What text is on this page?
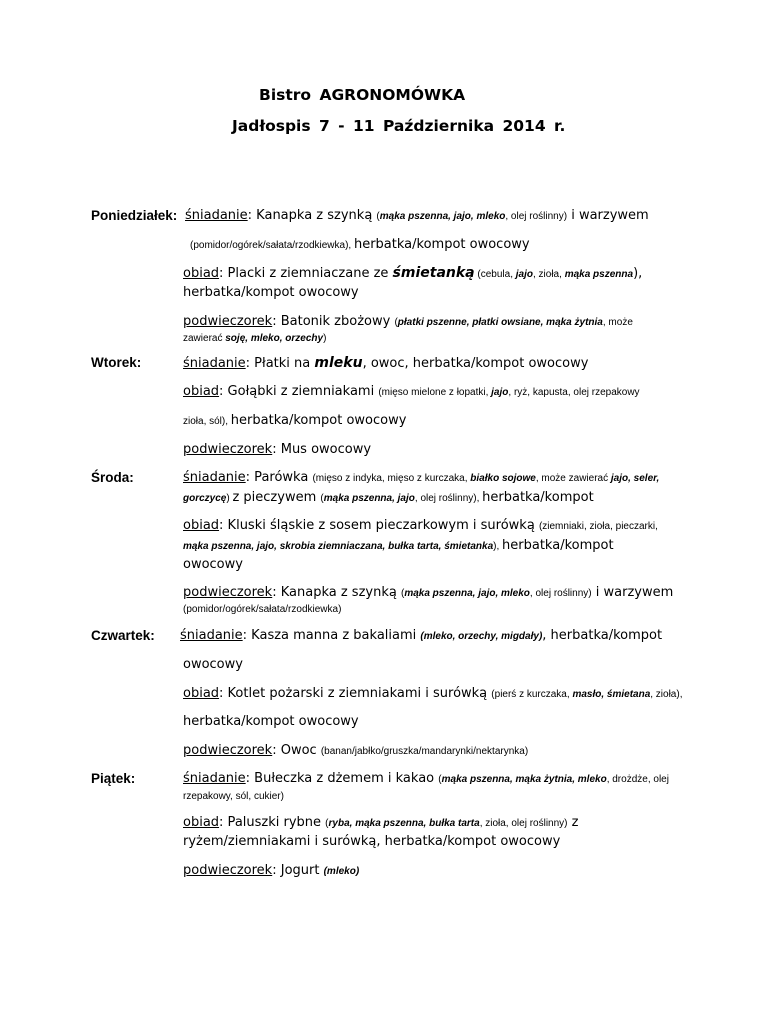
Bistro AGRONOMÓWKA
Jadłospis 7 - 11 Października 2014 r.
Poniedziałek:
Wtorek:
Środa:
Czwartek:
Piątek:
śniadanie: Kanapka z szynką (mąka pszenna, jajo, mleko, olej roślinny) i warzywem
(pomidor/ogórek/sałata/rzodkiewka), herbatka/kompot owocowy
obiad: Placki z ziemniaczane ze śmietanką (cebula, jajo, zioła, mąka pszenna),
herbatka/kompot owocowy
podwieczorek: Batonik zbożowy (płatki pszenne, płatki owsiane, mąka żytnia, może
zawierać soję, mleko, orzechy)
śniadanie: Płatki na mleku, owoc, herbatka/kompot owocowy
obiad: Gołąbki z ziemniakami (mięso mielone z łopatki, jajo, ryż, kapusta, olej rzepakowy
zioła, sól), herbatka/kompot owocowy
podwieczorek: Mus owocowy
śniadanie: Parówka (mięso z indyka, mięso z kurczaka, białko sojowe, może zawierać jajo, seler,
gorczycę) z pieczywem (mąka pszenna, jajo, olej roślinny), herbatka/kompot
obiad: Kluski śląskie z sosem pieczarkowym i surówką (ziemniaki, zioła, pieczarki,
mąka pszenna, jajo, skrobia ziemniaczana, bułka tarta, śmietanka), herbatka/kompot
owocowy
podwieczorek: Kanapka z szynką (mąka pszenna, jajo, mleko, olej roślinny) i warzywem
(pomidor/ogórek/sałata/rzodkiewka)
śniadanie: Kasza manna z bakaliami (mleko, orzechy, migdały), herbatka/kompot
owocowy
obiad: Kotlet pożarski z ziemniakami i surówką (pierś z kurczaka, masło, śmietana, zioła),
herbatka/kompot owocowy
podwieczorek: Owoc (banan/jabłko/gruszka/mandarynki/nektarynka)
śniadanie: Bułeczka z dżemem i kakao (mąka pszenna, mąka żytnia, mleko, drożdże, olej
rzepakowy, sól, cukier)
obiad: Paluszki rybne (ryba, mąka pszenna, bułka tarta, zioła, olej roślinny) z
ryżem/ziemniakami i surówką, herbatka/kompot owocowy
podwieczorek: Jogurt (mleko)
